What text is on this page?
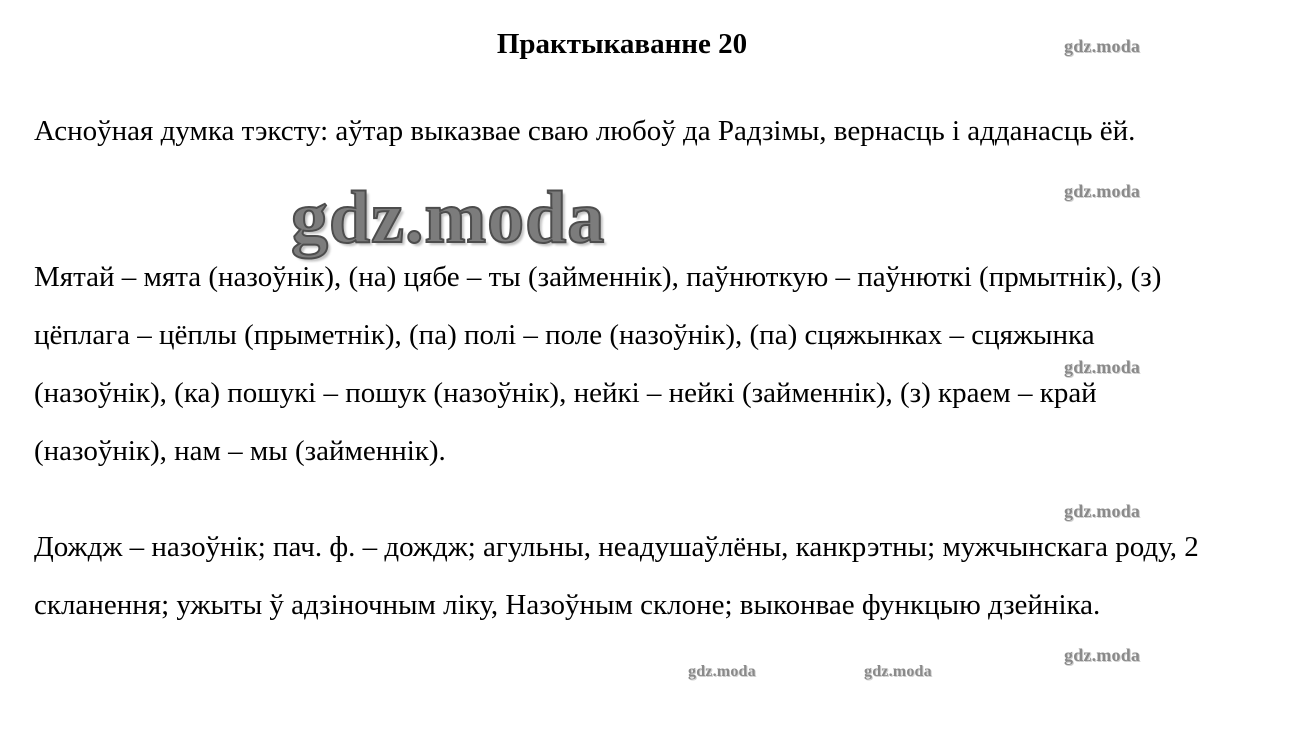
Практыкаванне 20

Асноўная думка тэксту: аўтар выказвае сваю любоў да Радзімы, вернасць і адданасць ёй.

Мятай – мята (назоўнік), (на) цябе – ты (займеннік), паўнюткую – паўнюткі (прмытнік), (з) цёплага – цёплы (прыметнік), (па) полі – поле (назоўнік), (па) сцяжынках – сцяжынка (назоўнік), (ка) пошукі – пошук (назоўнік), нейкі – нейкі (займеннік), (з) краем – край (назоўнік), нам – мы (займеннік).

Дождж – назоўнік; пач. ф. – дождж; агульны, неадушаўлёны, канкрэтны; мужчынскага роду, 2 скланення; ужыты ў адзіночным ліку, Назоўным склоне; выконвае функцыю дзейніка.

gdz.moda
gdz.moda
gdz.moda
gdz.moda
gdz.moda
gdz.moda
gdz.moda	gdz.moda
